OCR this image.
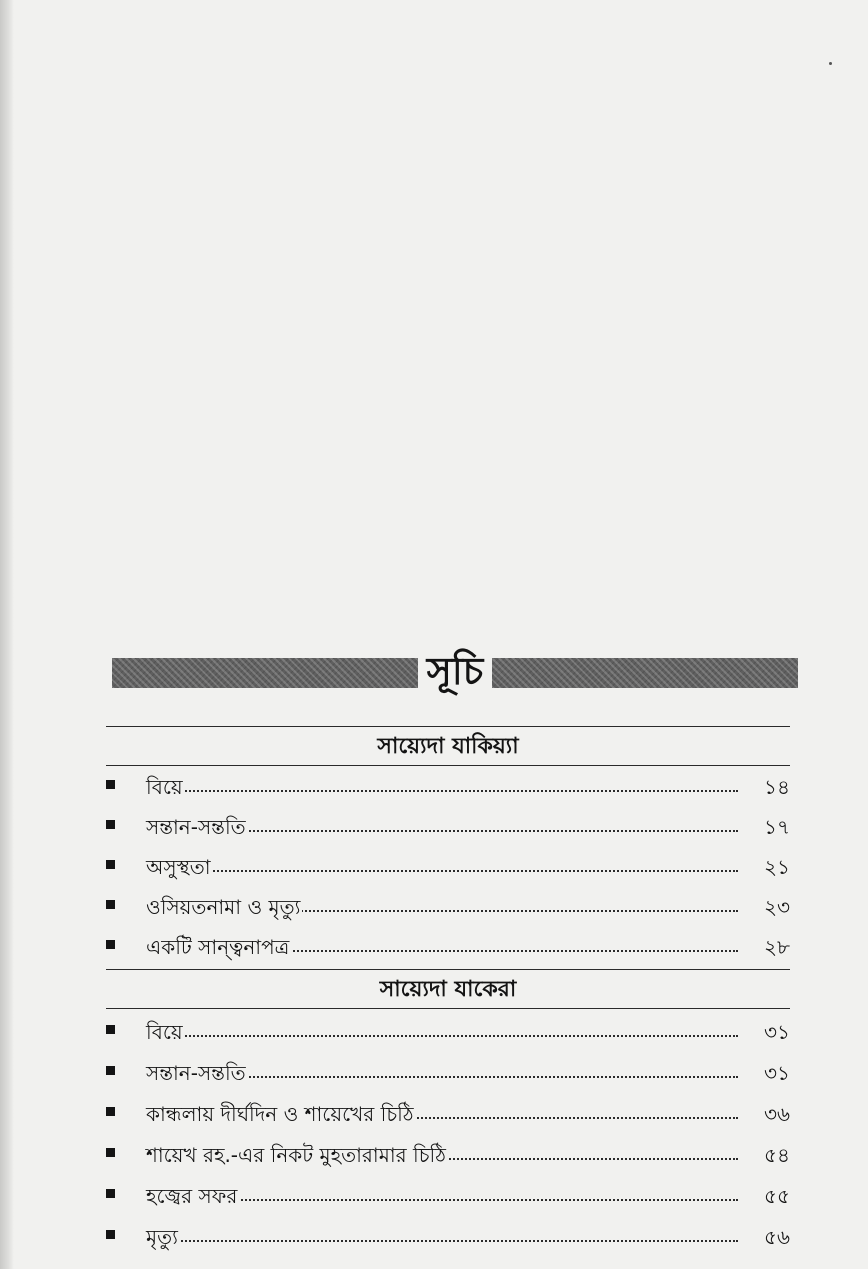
সূচি
সায়্যেদা যাকিয়্যা
বিয়ে	১৪
সন্তান-সন্ততি	১৭
অসুস্থতা	২১
ওসিয়তনামা ও মৃত্যু	২৩
একটি সান্ত্বনাপত্র	২৮
সায়্যেদা যাকেরা
বিয়ে	৩১
সন্তান-সন্ততি	৩১
কান্ধলায় দীর্ঘদিন ও শায়েখের চিঠি	৩৬
শায়েখ রহ.-এর নিকট মুহতারামার চিঠি	৫৪
হজ্বের সফর	৫৫
মৃত্যু	৫৬
